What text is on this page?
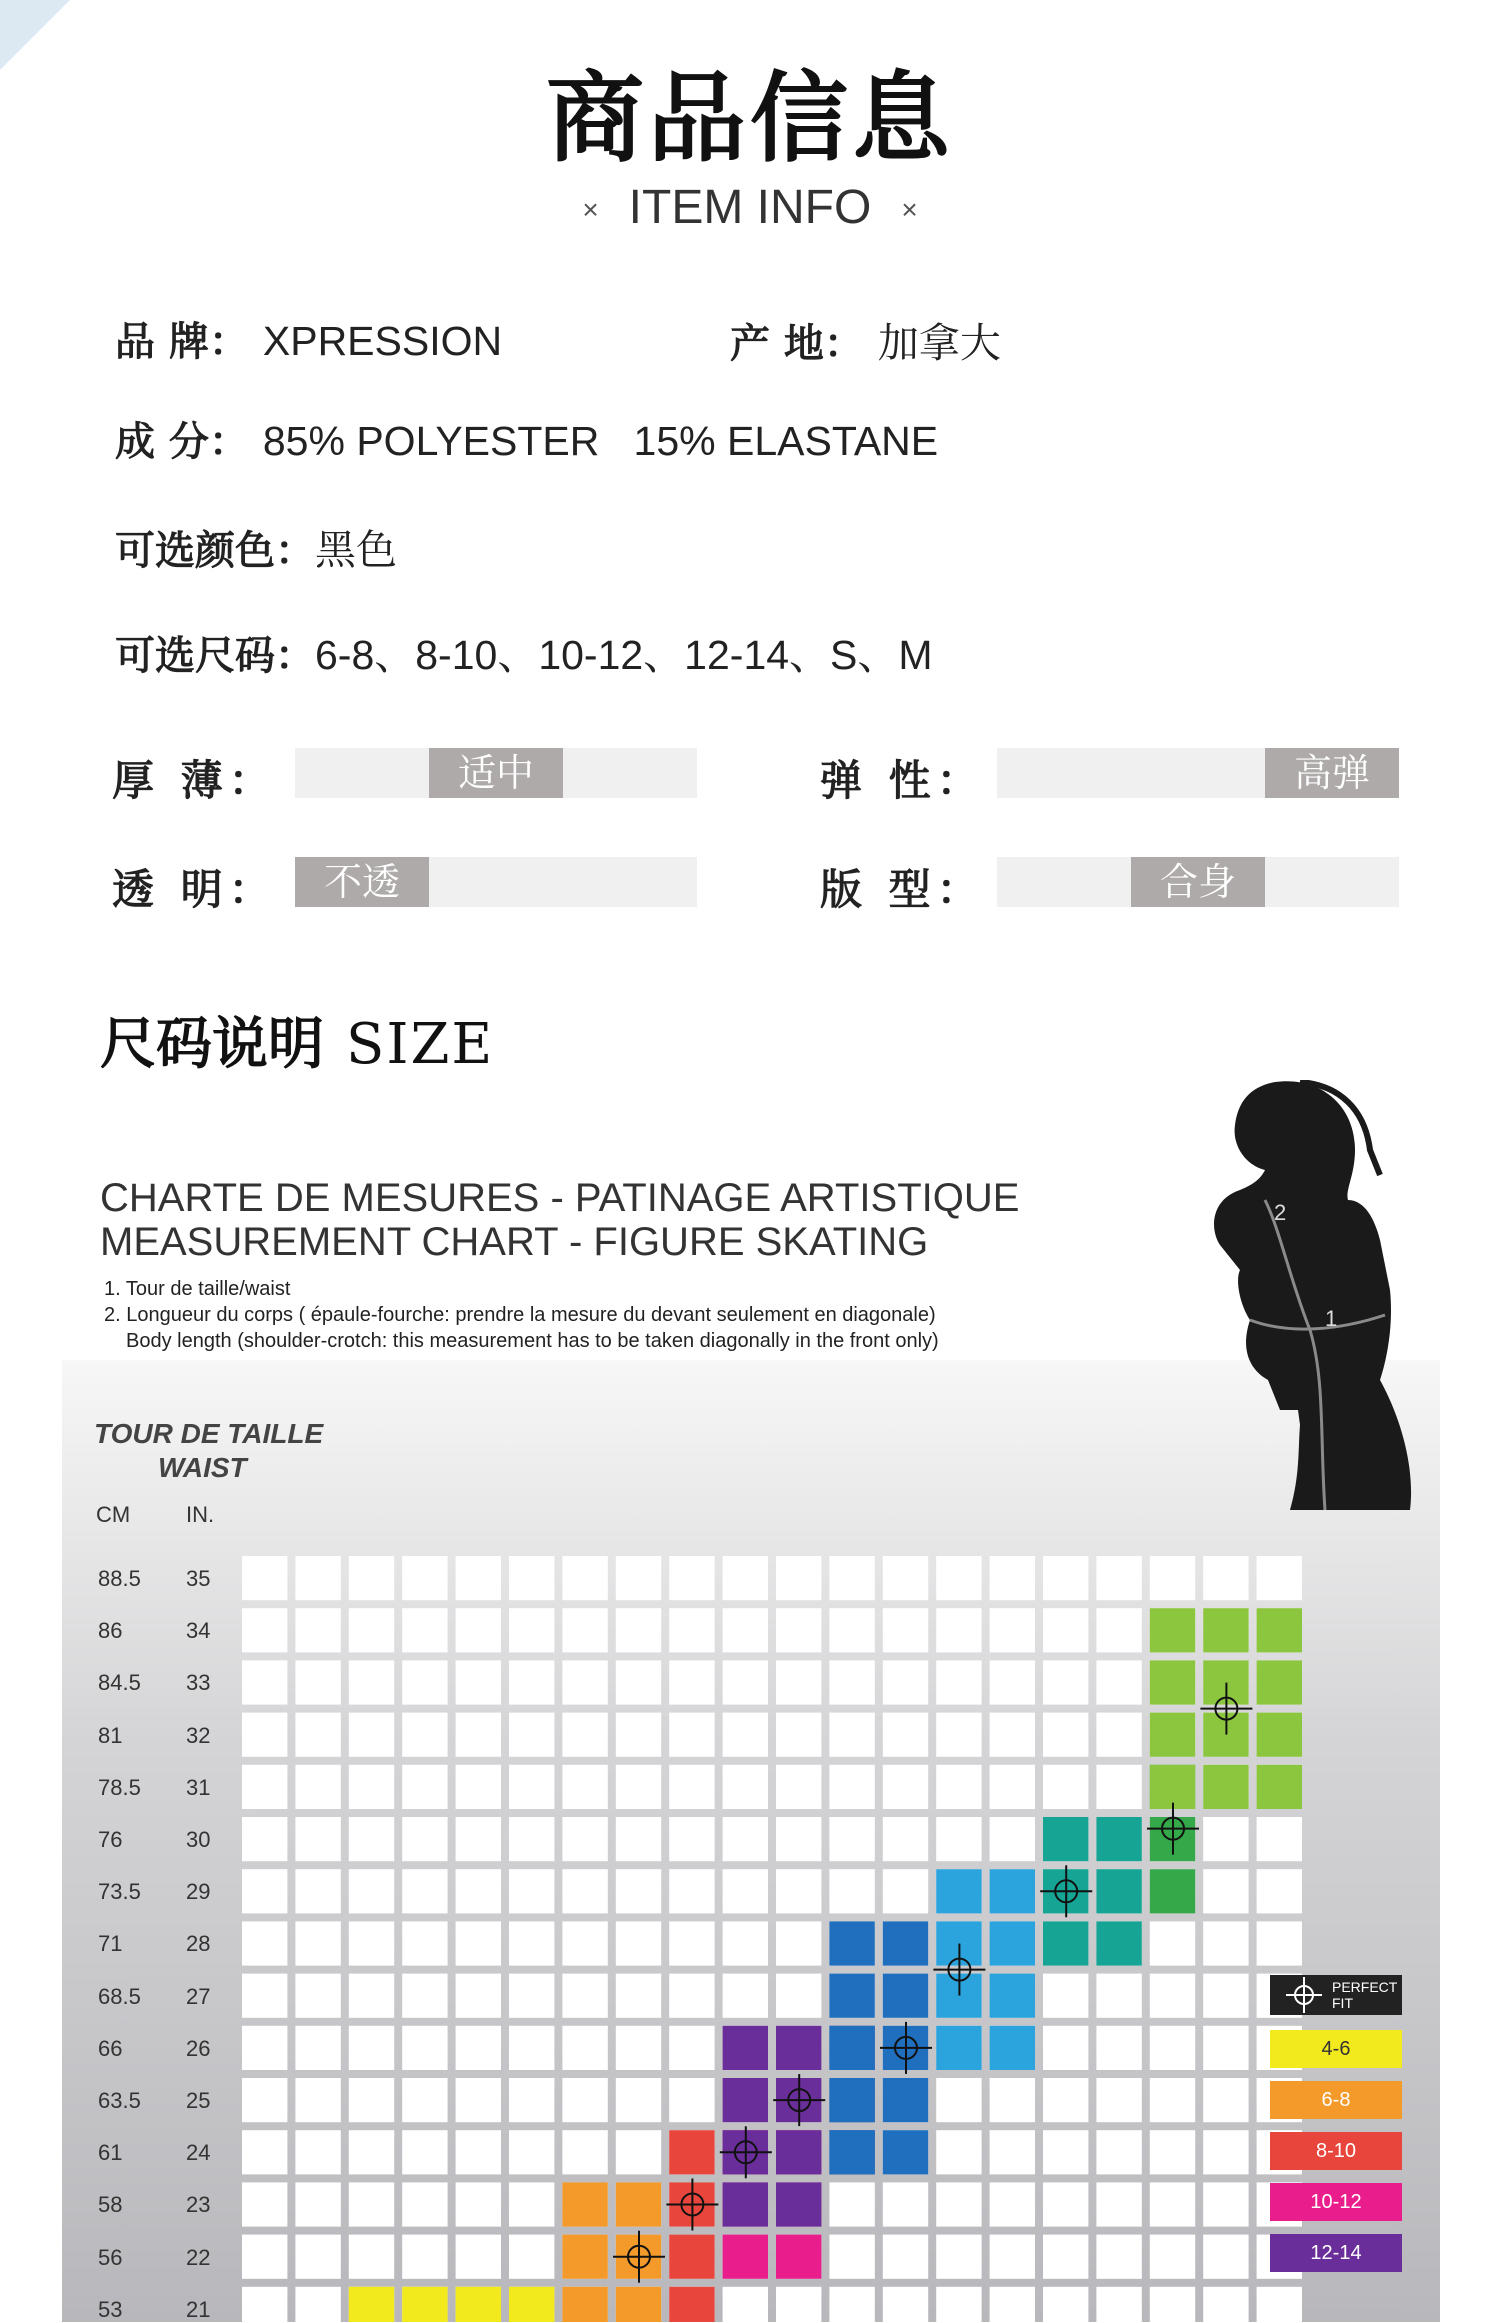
商品信息
× ITEM INFO ×
品 牌： XPRESSION	产 地： 加拿大
成 分： 85% POLYESTER   15% ELASTANE
可选颜色：黑色
可选尺码：6-8、8-10、10-12、12-14、S、M
厚 薄：	适中	弹 性：	高弹
透 明：	不透	版 型：	合身
尺码说明 SIZE
2
1
CHARTE DE MESURES - PATINAGE ARTISTIQUE
MEASUREMENT CHART - FIGURE SKATING
1. Tour de taille/waist
2. Longueur du corps ( épaule-fourche: prendre la mesure du devant seulement en diagonale)
Body length (shoulder-crotch: this measurement has to be taken diagonally in the front only)
TOUR DE TAILLE
WAIST
CM	IN.
88.5 35
86	34
84.5 33
81	32
78.5 31
76	30
73.5 29
71	28
68.5 27
66	26
63.5 25
61	24
58	23
56	22
53	21
PERFECT FIT
4-6
6-8
8-10
10-12
12-14
